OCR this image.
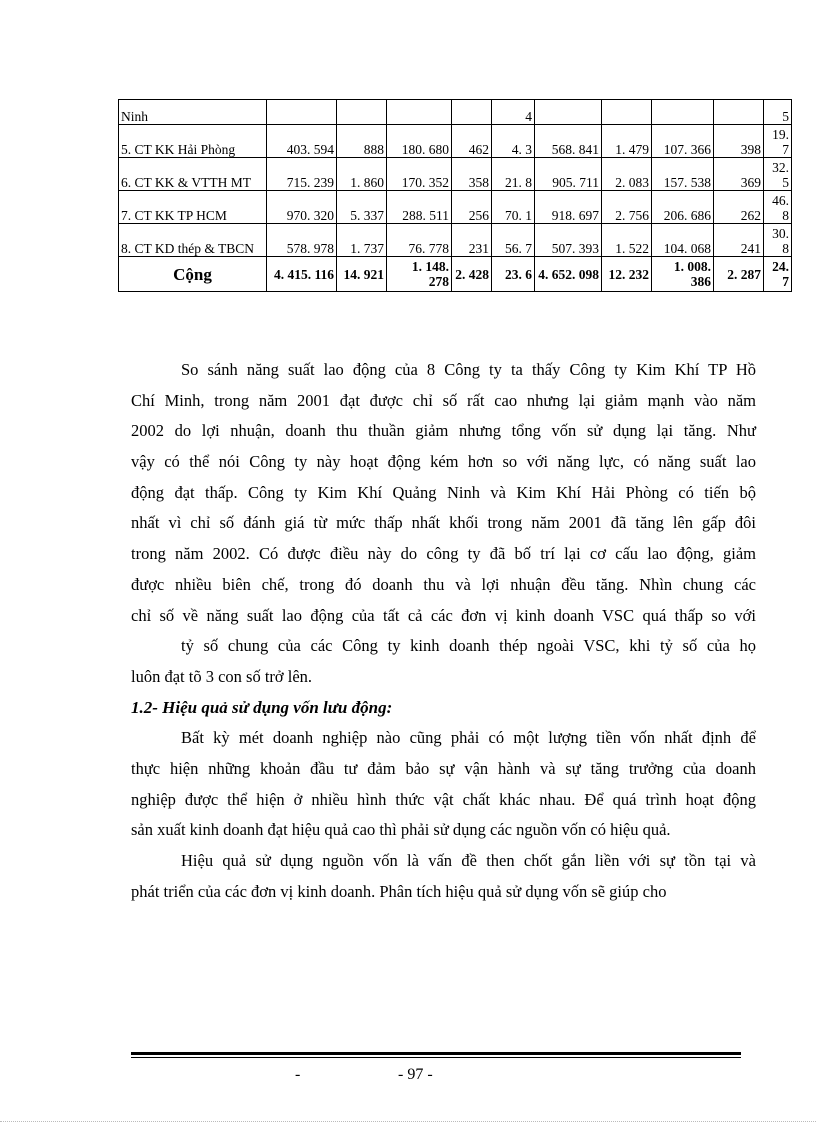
Ninh					4					5
5. CT KK Hải Phòng	403. 594	888	180. 680	462	4. 3	568. 841	1. 479	107. 366	398	19. 7
6. CT KK & VTTH MT	715. 239	1. 860	170. 352	358	21. 8	905. 711	2. 083	157. 538	369	32. 5
7. CT KK TP HCM	970. 320	5. 337	288. 511	256	70. 1	918. 697	2. 756	206. 686	262	46. 8
8. CT KD thép & TBCN	578. 978	1. 737	76. 778	231	56. 7	507. 393	1. 522	104. 068	241	30. 8
Cộng	4. 415. 116	14. 921	1. 148. 278	2. 428	23. 6	4. 652. 098	12. 232	1. 008. 386	2. 287	24. 7
So sánh năng suất lao động của 8 Công ty ta thấy Công ty Kim Khí TP Hồ
Chí Minh, trong năm 2001 đạt được chỉ số rất cao nhưng lại giảm mạnh vào năm
2002 do lợi nhuận, doanh thu thuần giảm nhưng tổng vốn sử dụng lại tăng. Như
vậy có thể nói Công ty này hoạt động kém hơn so với năng lực, có năng suất lao
động đạt thấp. Công ty Kim Khí Quảng Ninh và Kim Khí Hải Phòng có tiến bộ
nhất vì chỉ số đánh giá từ mức thấp nhất khối trong năm 2001 đã tăng lên gấp đôi
trong năm 2002. Có được điều này do công ty đã bố trí lại cơ cấu lao động, giảm
được nhiều biên chế, trong đó doanh thu và lợi nhuận đều tăng. Nhìn chung các
chỉ số về năng suất lao động của tất cả các đơn vị kinh doanh VSC quá thấp so với
tỷ số chung của các Công ty kinh doanh thép ngoài VSC, khi tỷ số của họ
luôn đạt tõ 3 con số trở lên.
1.2- Hiệu quả sử dụng vốn lưu động:
Bất kỳ mét doanh nghiệp nào cũng phải có một lượng tiền vốn nhất định để
thực hiện những khoản đầu tư đảm bảo sự vận hành và sự tăng trưởng của doanh
nghiệp được thể hiện ở nhiều hình thức vật chất khác nhau. Để quá trình hoạt động
sản xuất kinh doanh đạt hiệu quả cao thì phải sử dụng các nguồn vốn có hiệu quả.
Hiệu quả sử dụng nguồn vốn là vấn đề then chốt gắn liền với sự tồn tại và
phát triển của các đơn vị kinh doanh. Phân tích hiệu quả sử dụng vốn sẽ giúp cho
-	- 97 -
